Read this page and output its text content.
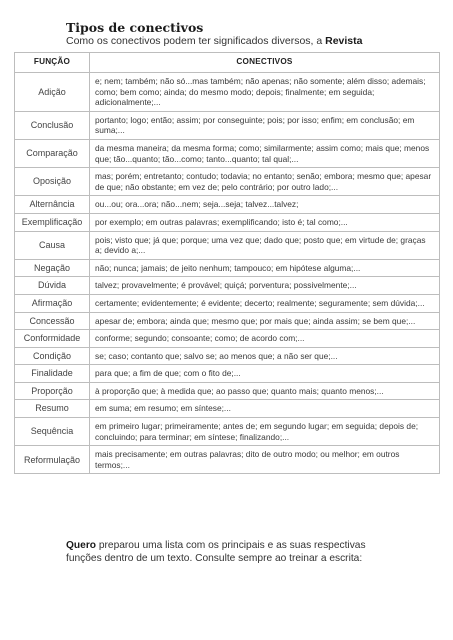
Tipos de conectivos
Como os conectivos podem ter significados diversos, a Revista
FUNÇÃO	CONECTIVOS
Adição	e; nem; também; não só...mas também; não apenas; não somente; além disso; ademais; como; bem como; ainda; do mesmo modo; depois; finalmente; em seguida; adicionalmente;...
Conclusão	portanto; logo; então; assim; por conseguinte; pois; por isso; enfim; em conclusão; em suma;...
Comparação	da mesma maneira; da mesma forma; como; similarmente; assim como; mais que; menos que; tão...quanto; tão...como; tanto...quanto; tal qual;...
Oposição	mas; porém; entretanto; contudo; todavia; no entanto; senão; embora; mesmo que; apesar de que; não obstante; em vez de; pelo contrário; por outro lado;...
Alternância	ou...ou; ora...ora; não...nem; seja...seja; talvez...talvez;
Exemplificação	por exemplo; em outras palavras; exemplificando; isto é; tal como;...
Causa	pois; visto que; já que; porque; uma vez que; dado que; posto que; em virtude de; graças a; devido a;...
Negação	não; nunca; jamais; de jeito nenhum; tampouco; em hipótese alguma;...
Dúvida	talvez; provavelmente; é provável; quiçá; porventura; possivelmente;...
Afirmação	certamente; evidentemente; é evidente; decerto; realmente; seguramente; sem dúvida;...
Concessão	apesar de; embora; ainda que; mesmo que; por mais que; ainda assim; se bem que;...
Conformidade	conforme; segundo; consoante; como; de acordo com;...
Condição	se; caso; contanto que; salvo se; ao menos que; a não ser que;...
Finalidade	para que; a fim de que; com o fito de;...
Proporção	à proporção que; à medida que; ao passo que; quanto mais; quanto menos;...
Resumo	em suma; em resumo; em síntese;...
Sequência	em primeiro lugar; primeiramente; antes de; em segundo lugar; em seguida; depois de; concluindo; para terminar; em síntese; finalizando;...
Reformulação	mais precisamente; em outras palavras; dito de outro modo; ou melhor; em outros termos;...
Quero preparou uma lista com os principais e as suas respectivas funções dentro de um texto. Consulte sempre ao treinar a escrita:
